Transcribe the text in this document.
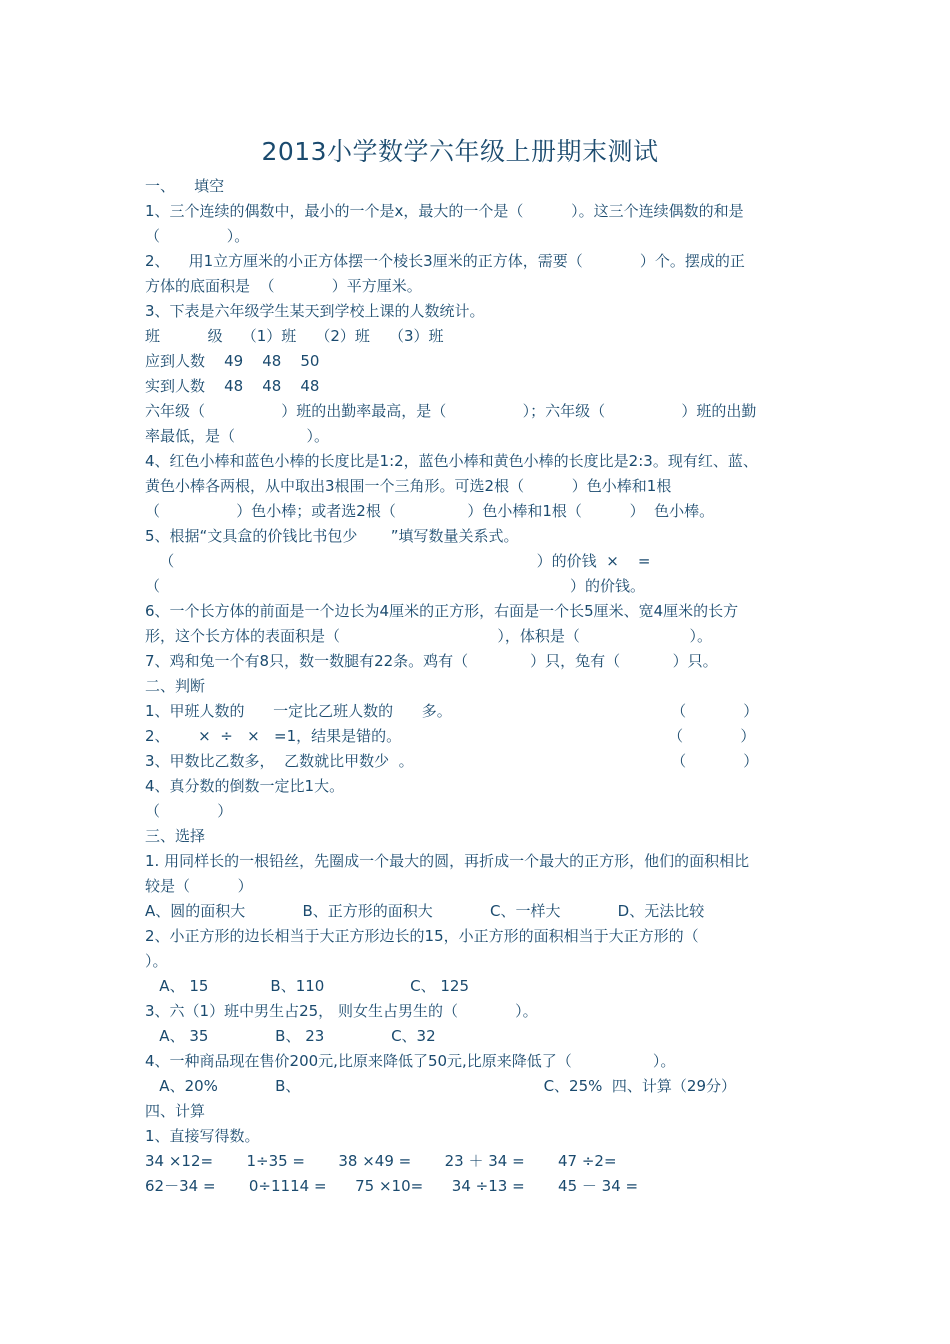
2013小学数学六年级上册期末测试
一、    填空
1、三个连续的偶数中，最小的一个是x，最大的一个是（          ）。这三个连续偶数的和是
（              ）。
2、    用1立方厘米的小正方体摆一个棱长3厘米的正方体，需要（            ）个。摆成的正
方体的底面积是  （            ）平方厘米。
3、下表是六年级学生某天到学校上课的人数统计。
班          级    （1）班    （2）班    （3）班
应到人数    49    48    50
实到人数    48    48    48
六年级（                ）班的出勤率最高，是（                ）；六年级（                ）班的出勤
率最低，是（               ）。
4、红色小棒和蓝色小棒的长度比是1:2，蓝色小棒和黄色小棒的长度比是2:3。现有红、蓝、
黄色小棒各两根，从中取出3根围一个三角形。可选2根（          ）色小棒和1根
（                ）色小棒；或者选2根（               ）色小棒和1根（          ）  色小棒。
5、根据“文具盒的价钱比书包少       ”填写数量关系式。
（                                                                            ）的价钱  ×    =
（                                                                                      ）的价钱。
6、一个长方体的前面是一个边长为4厘米的正方形，右面是一个长5厘米、宽4厘米的长方
形，这个长方体的表面积是（                                 ），体积是（                       ）。
7、鸡和兔一个有8只，数一数腿有22条。鸡有（             ）只，兔有（           ）只。
二、判断
1、甲班人数的      一定比乙班人数的      多。                                              （            ）
2、      ×  ÷   ×   =1，结果是错的。                                                        （            ）
3、甲数比乙数多，  乙数就比甲数少  。                                                      （            ）
4、真分数的倒数一定比1大。
（            ）
三、选择
1. 用同样长的一根铅丝，先圈成一个最大的圆，再折成一个最大的正方形，他们的面积相比
较是（          ）
A、圆的面积大            B、正方形的面积大            C、一样大            D、无法比较
2、小正方形的边长相当于大正方形边长的15，小正方形的面积相当于大正方形的（
）。
A、 15             B、110                  C、 125
3、六（1）班中男生占25， 则女生占男生的（            ）。
A、 35              B、 23              C、32
4、一种商品现在售价200元,比原来降低了50元,比原来降低了（                 ）。
A、20%            B、                                                   C、25%  四、计算（29分）
四、计算
1、直接写得数。
34 ×12=       1÷35 =       38 ×49 =       23 ＋ 34 =       47 ÷2=
62－34 =       0÷1114 =      75 ×10=      34 ÷13 =       45 － 34 =
